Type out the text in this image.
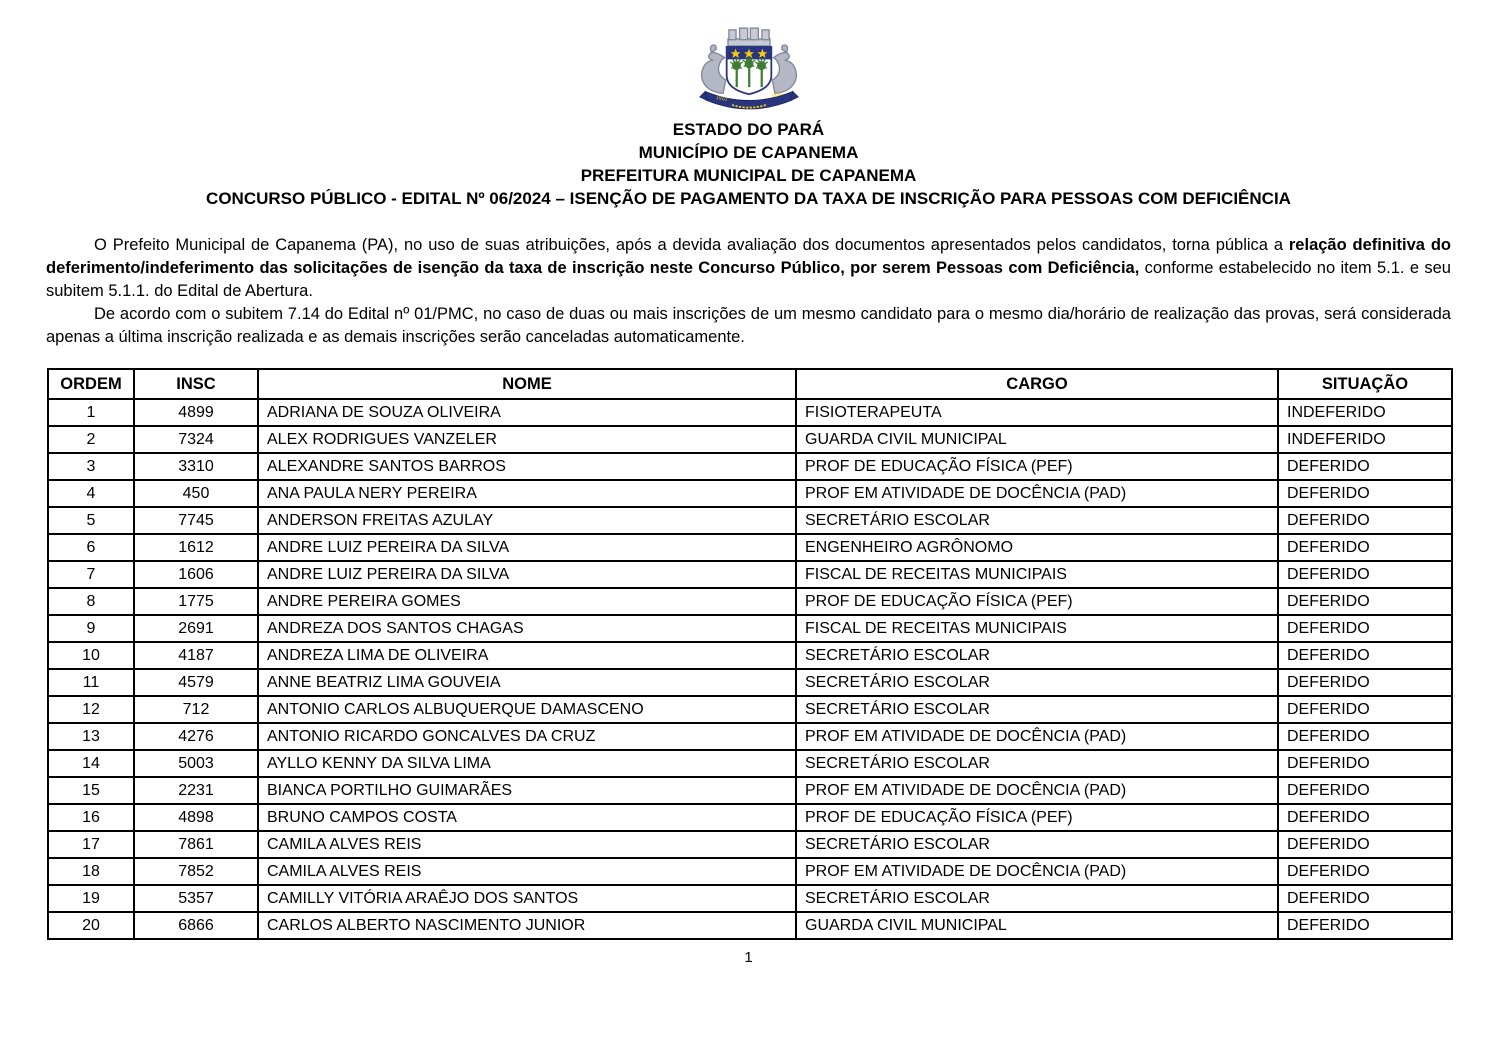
1910	1936
ESTADO DO PARÁ
MUNICÍPIO DE CAPANEMA
PREFEITURA MUNICIPAL DE CAPANEMA
CONCURSO PÚBLICO - EDITAL Nº 06/2024 – ISENÇÃO DE PAGAMENTO DA TAXA DE INSCRIÇÃO PARA PESSOAS COM DEFICIÊNCIA

O Prefeito Municipal de Capanema (PA), no uso de suas atribuições, após a devida avaliação dos documentos apresentados pelos candidatos, torna pública a relação definitiva do deferimento/indeferimento das solicitações de isenção da taxa de inscrição neste Concurso Público, por serem Pessoas com Deficiência, conforme estabelecido no item 5.1. e seu subitem 5.1.1. do Edital de Abertura.

De acordo com o subitem 7.14 do Edital nº 01/PMC, no caso de duas ou mais inscrições de um mesmo candidato para o mesmo dia/horário de realização das provas, será considerada apenas a última inscrição realizada e as demais inscrições serão canceladas automaticamente.

ORDEM	INSC	NOME	CARGO	SITUAÇÃO
1	4899	ADRIANA DE SOUZA OLIVEIRA	FISIOTERAPEUTA	INDEFERIDO
2	7324	ALEX RODRIGUES VANZELER	GUARDA CIVIL MUNICIPAL	INDEFERIDO
3	3310	ALEXANDRE SANTOS BARROS	PROF DE EDUCAÇÃO FÍSICA (PEF)	DEFERIDO
4	450	ANA PAULA NERY PEREIRA	PROF EM ATIVIDADE DE DOCÊNCIA (PAD)	DEFERIDO
5	7745	ANDERSON FREITAS AZULAY	SECRETÁRIO ESCOLAR	DEFERIDO
6	1612	ANDRE LUIZ PEREIRA DA SILVA	ENGENHEIRO AGRÔNOMO	DEFERIDO
7	1606	ANDRE LUIZ PEREIRA DA SILVA	FISCAL DE RECEITAS MUNICIPAIS	DEFERIDO
8	1775	ANDRE PEREIRA GOMES	PROF DE EDUCAÇÃO FÍSICA (PEF)	DEFERIDO
9	2691	ANDREZA DOS SANTOS CHAGAS	FISCAL DE RECEITAS MUNICIPAIS	DEFERIDO
10	4187	ANDREZA LIMA DE OLIVEIRA	SECRETÁRIO ESCOLAR	DEFERIDO
11	4579	ANNE BEATRIZ LIMA GOUVEIA	SECRETÁRIO ESCOLAR	DEFERIDO
12	712	ANTONIO CARLOS ALBUQUERQUE DAMASCENO	SECRETÁRIO ESCOLAR	DEFERIDO
13	4276	ANTONIO RICARDO GONCALVES DA CRUZ	PROF EM ATIVIDADE DE DOCÊNCIA (PAD)	DEFERIDO
14	5003	AYLLO KENNY DA SILVA LIMA	SECRETÁRIO ESCOLAR	DEFERIDO
15	2231	BIANCA PORTILHO GUIMARÃES	PROF EM ATIVIDADE DE DOCÊNCIA (PAD)	DEFERIDO
16	4898	BRUNO CAMPOS COSTA	PROF DE EDUCAÇÃO FÍSICA (PEF)	DEFERIDO
17	7861	CAMILA ALVES REIS	SECRETÁRIO ESCOLAR	DEFERIDO
18	7852	CAMILA ALVES REIS	PROF EM ATIVIDADE DE DOCÊNCIA (PAD)	DEFERIDO
19	5357	CAMILLY VITÓRIA ARAÊJO DOS SANTOS	SECRETÁRIO ESCOLAR	DEFERIDO
20	6866	CARLOS ALBERTO NASCIMENTO JUNIOR	GUARDA CIVIL MUNICIPAL	DEFERIDO
1
